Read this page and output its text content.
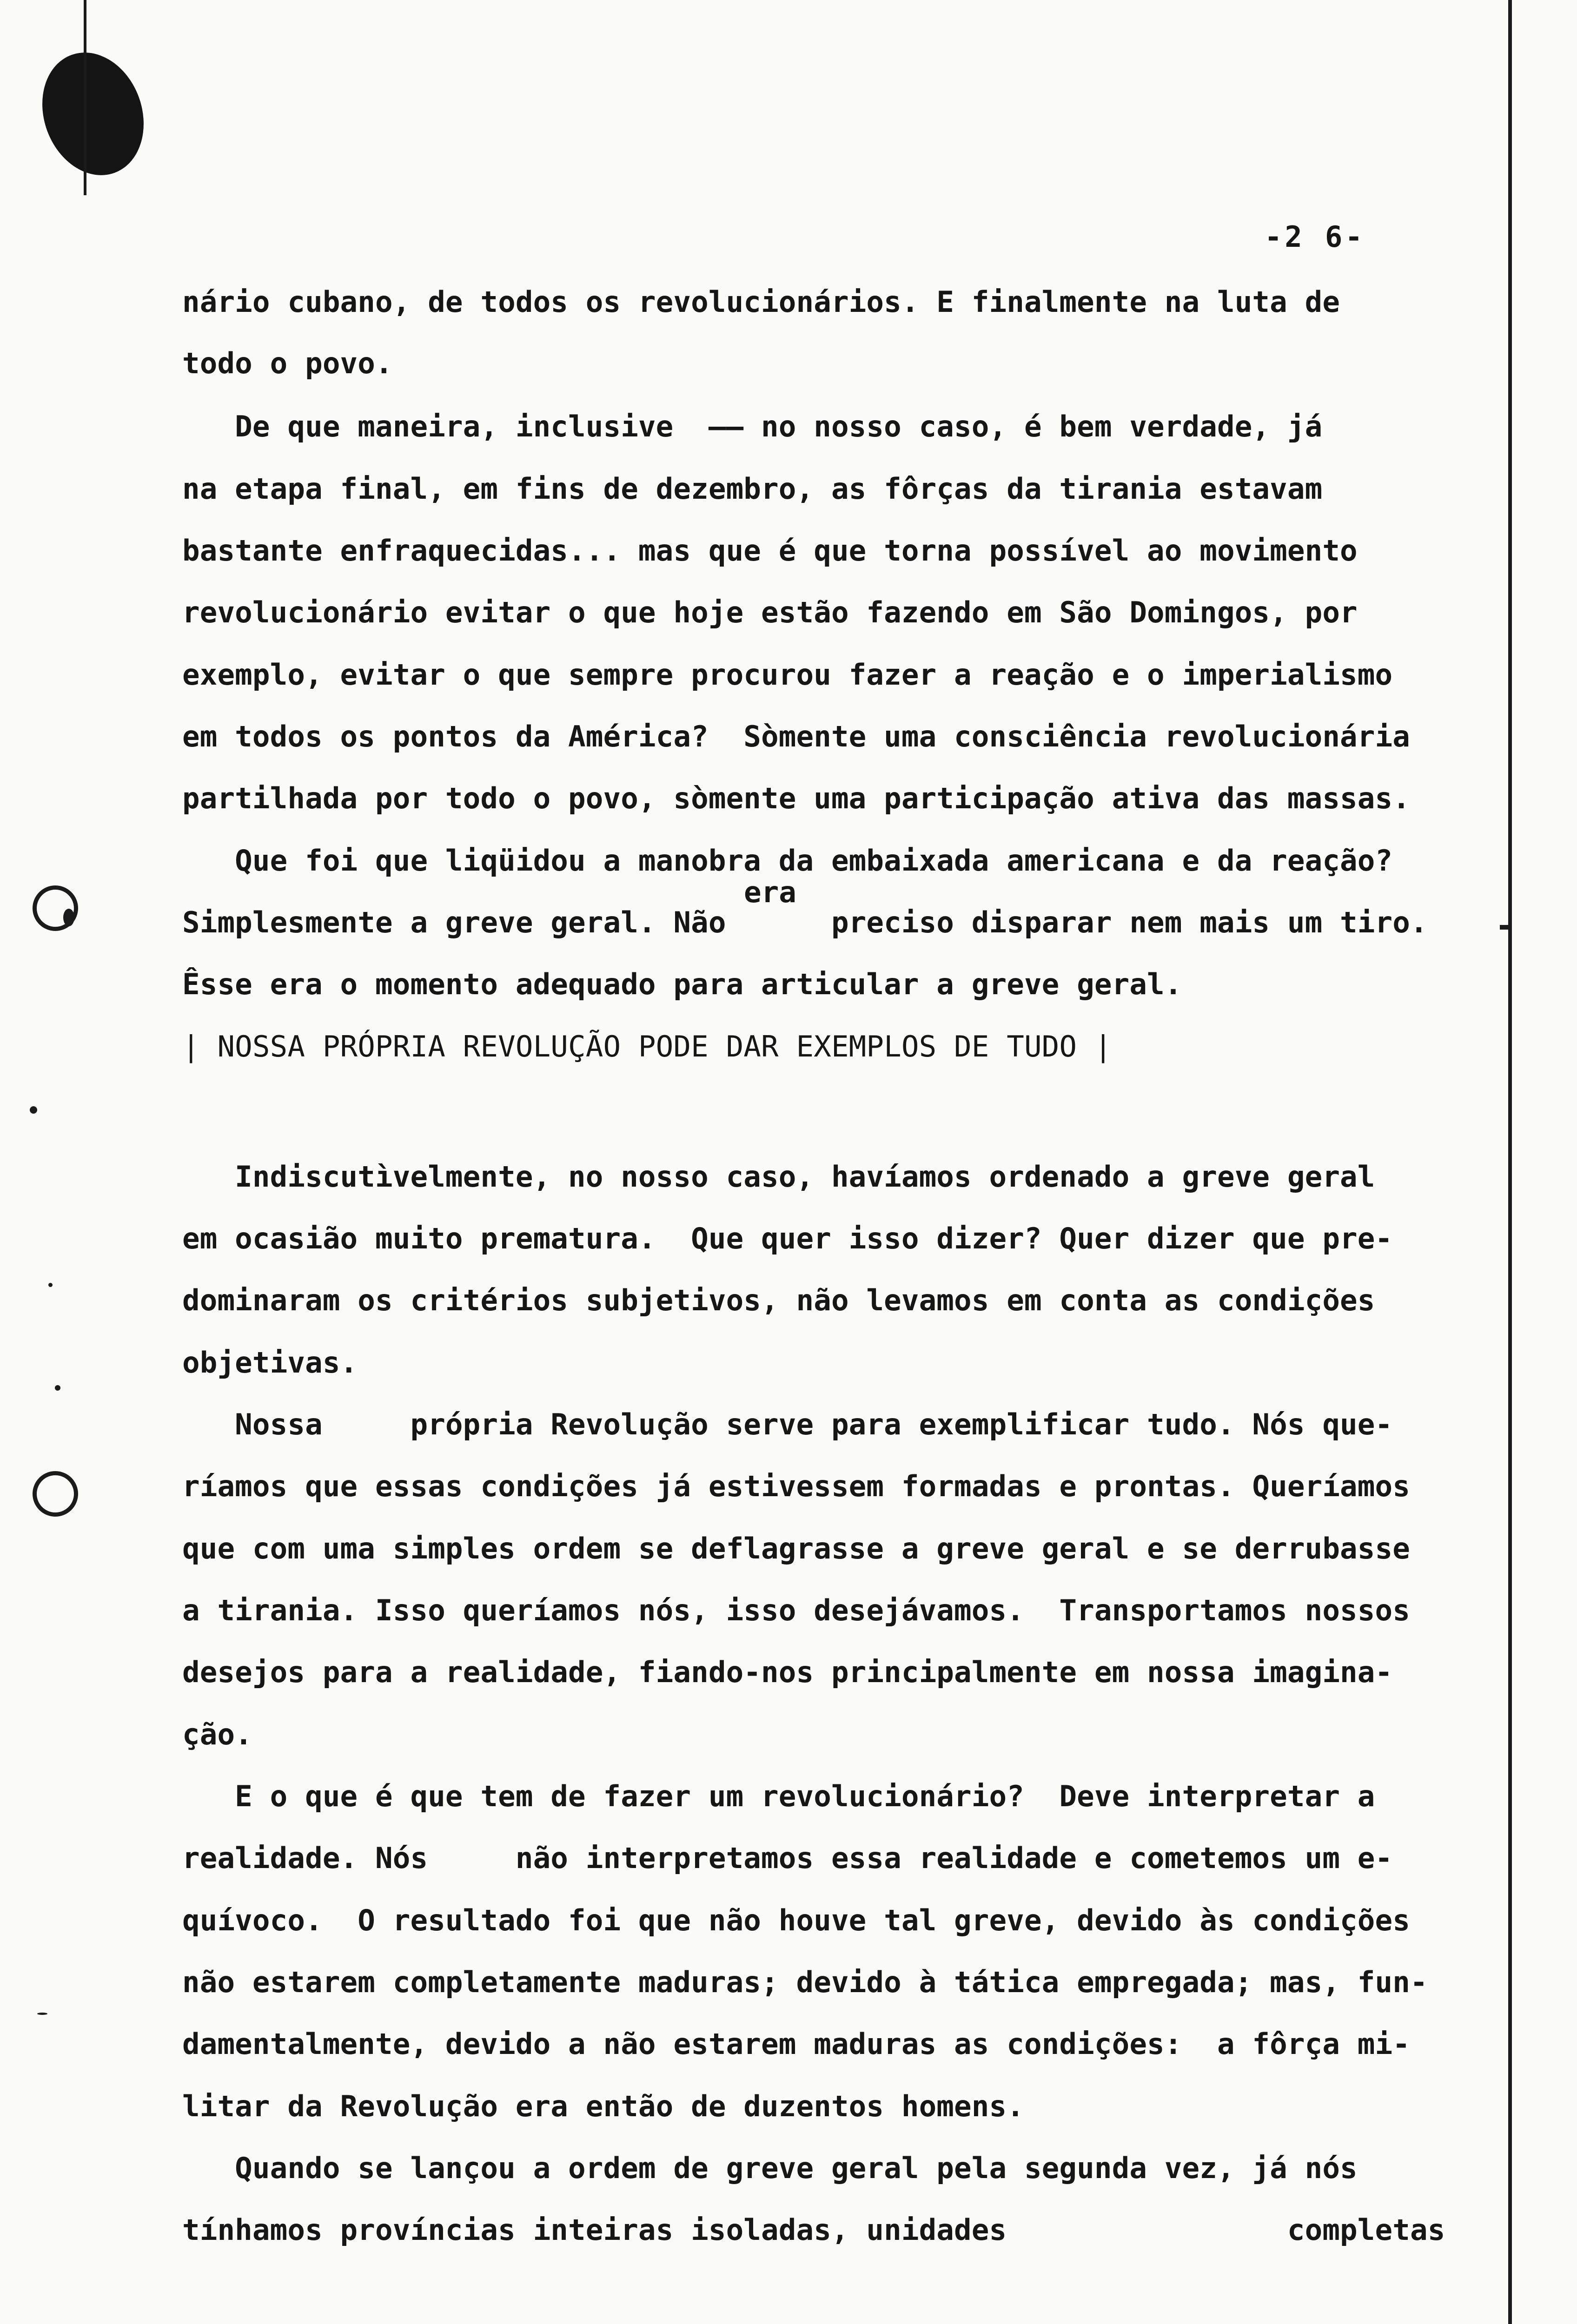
-2 6-
nário cubano, de todos os revolucionários. E finalmente na luta de
todo o povo.
De que maneira, inclusive  —— no nosso caso, é bem verdade, já
na etapa final, em fins de dezembro, as fôrças da tirania estavam
bastante enfraquecidas... mas que é que torna possível ao movimento
revolucionário evitar o que hoje estão fazendo em São Domingos, por
exemplo, evitar o que sempre procurou fazer a reação e o imperialismo
em todos os pontos da América?  Sòmente uma consciência revolucionária
partilhada por todo o povo, sòmente uma participação ativa das massas.
Que foi que liqüidou a manobra da embaixada americana e da reação?
era
Simplesmente a greve geral. Não      preciso disparar nem mais um tiro.
Êsse era o momento adequado para articular a greve geral.
| NOSSA PRÓPRIA REVOLUÇÃO PODE DAR EXEMPLOS DE TUDO |
Indiscutìvelmente, no nosso caso, havíamos ordenado a greve geral
em ocasião muito prematura.  Que quer isso dizer? Quer dizer que pre-
dominaram os critérios subjetivos, não levamos em conta as condições
objetivas.
Nossa     própria Revolução serve para exemplificar tudo. Nós que-
ríamos que essas condições já estivessem formadas e prontas. Queríamos
que com uma simples ordem se deflagrasse a greve geral e se derrubasse
a tirania. Isso queríamos nós, isso desejávamos.  Transportamos nossos
desejos para a realidade, fiando-nos principalmente em nossa imagina-
ção.
E o que é que tem de fazer um revolucionário?  Deve interpretar a
realidade. Nós     não interpretamos essa realidade e cometemos um e-
quívoco.  O resultado foi que não houve tal greve, devido às condições
não estarem completamente maduras; devido à tática empregada; mas, fun-
damentalmente, devido a não estarem maduras as condições:  a fôrça mi-
litar da Revolução era então de duzentos homens.
Quando se lançou a ordem de greve geral pela segunda vez, já nós
tínhamos províncias inteiras isoladas, unidades                completas
